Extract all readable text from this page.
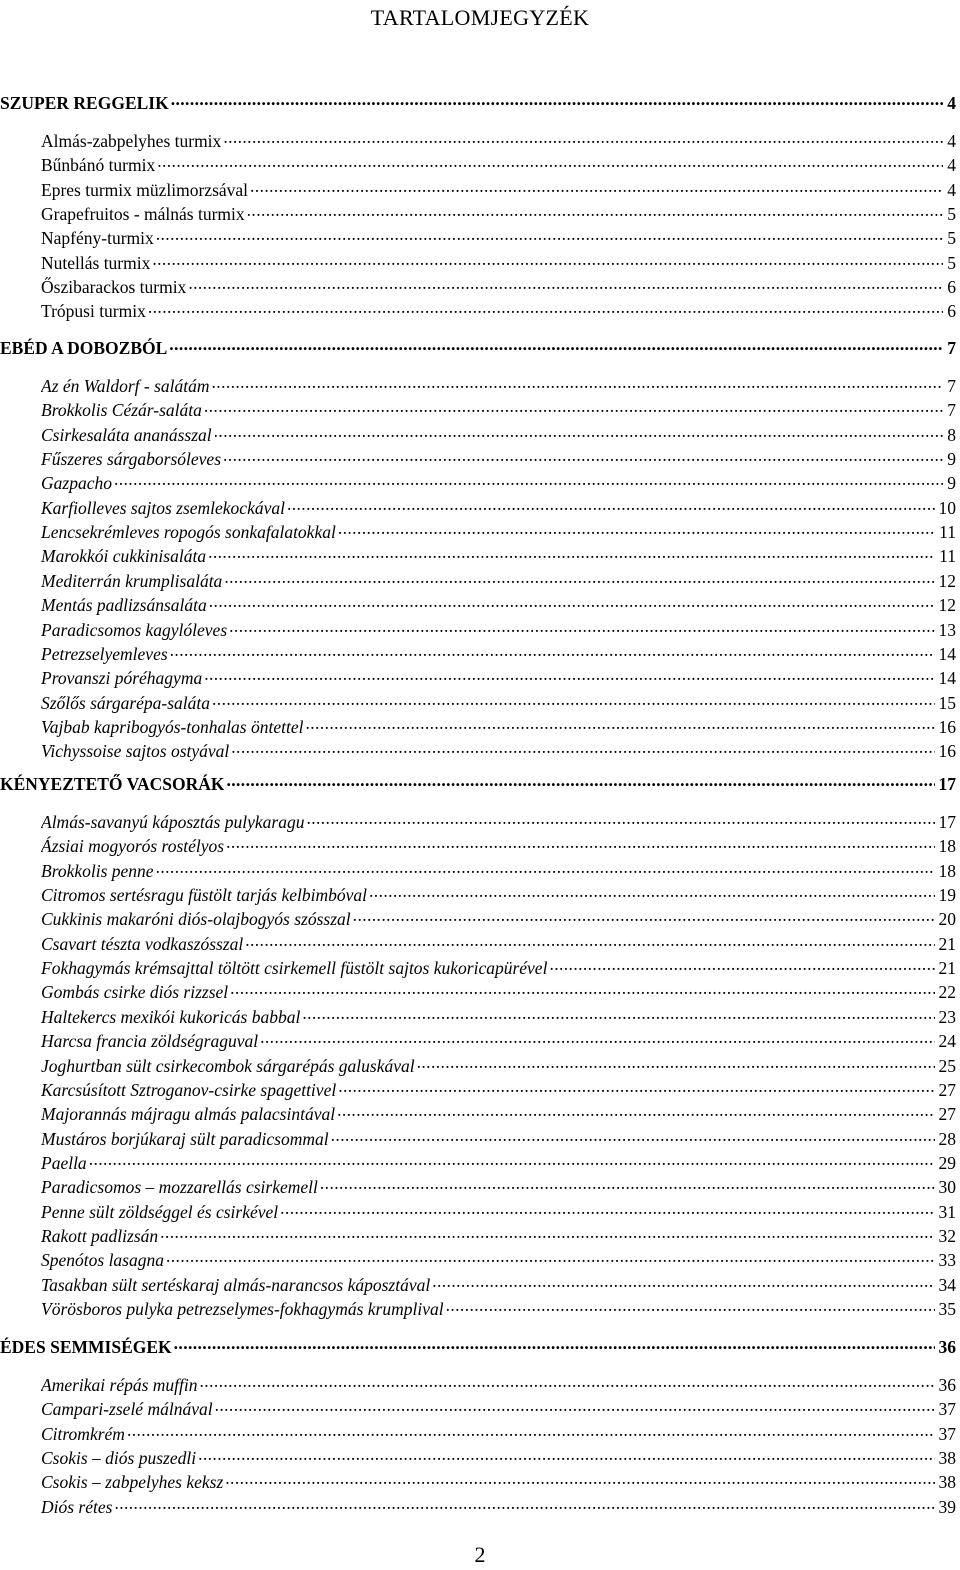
TARTALOMJEGYZÉK
SZUPER REGGELIK .....	4
Almás-zabpelyhes turmix .....	4
Bűnbánó turmix .....	4
Epres turmix müzlimorzsával .....	4
Grapefruitos - málnás turmix .....	5
Napfény-turmix .....	5
Nutellás turmix .....	5
Őszibarackos turmix .....	6
Trópusi turmix .....	6
EBÉD A DOBOZBÓL .....	7
Az én Waldorf - salátám .....	7
Brokkolis Cézár-saláta .....	7
Csirkesaláta ananásszal .....	8
Fűszeres sárgaborsóleves .....	9
Gazpacho .....	9
Karfiolleves sajtos zsemlekockával .....	10
Lencsekrémleves ropogós sonkafalatokkal .....	11
Marokkói cukkinisaláta .....	11
Mediterrán krumplisaláta .....	12
Mentás padlizsánsaláta .....	12
Paradicsomos kagylóleves .....	13
Petrezselyemleves .....	14
Provanszi póréhagyma .....	14
Szőlős sárgarépa-saláta .....	15
Vajbab kapribogyós-tonhalas öntettel .....	16
Vichyssoise sajtos ostyával .....	16
KÉNYEZTETŐ VACSORÁK .....	17
Almás-savanyú káposztás pulykaragu .....	17
Ázsiai mogyorós rostélyos .....	18
Brokkolis penne .....	18
Citromos sertésragu füstölt tarjás kelbimbóval .....	19
Cukkinis makaróni diós-olajbogyós szósszal .....	20
Csavart tészta vodkaszósszal .....	21
Fokhagymás krémsajttal töltött csirkemell füstölt sajtos kukoricapürével .....	21
Gombás csirke diós rizzsel .....	22
Haltekercs mexikói kukoricás babbal .....	23
Harcsa francia zöldségraguval .....	24
Joghurtban sült csirkecombok sárgarépás galuskával .....	25
Karcsúsított Sztroganov-csirke spagettivel .....	27
Majorannás májragu almás palacsintával .....	27
Mustáros borjúkaraj sült paradicsommal .....	28
Paella .....	29
Paradicsomos – mozzarellás csirkemell .....	30
Penne sült zöldséggel és csirkével .....	31
Rakott padlizsán .....	32
Spenótos lasagna .....	33
Tasakban sült sertéskaraj almás-narancsos káposztával .....	34
Vörösboros pulyka petrezselymes-fokhagymás krumplival .....	35
ÉDES SEMMISÉGEK .....	36
Amerikai répás muffin .....	36
Campari-zselé málnával .....	37
Citromkrém .....	37
Csokis – diós puszedli .....	38
Csokis – zabpelyhes keksz .....	38
Diós rétes .....	39
2
